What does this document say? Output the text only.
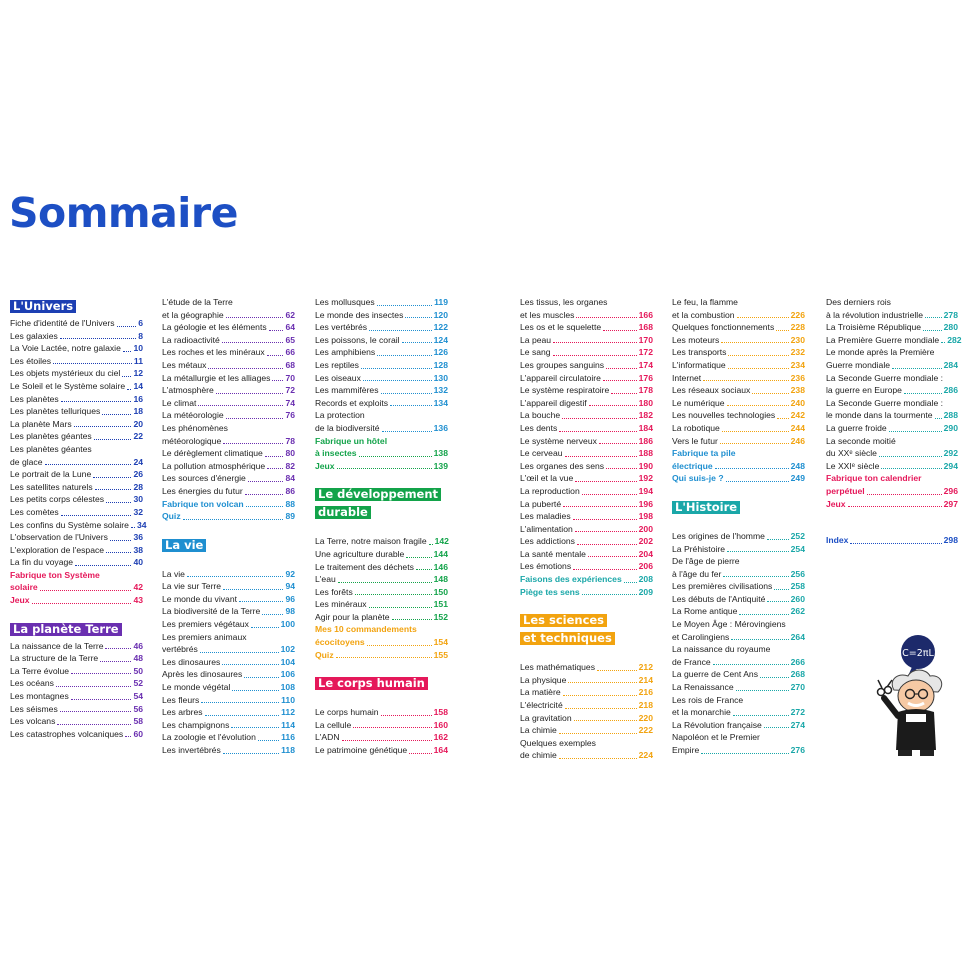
Sommaire
L'Univers
Fiche d'identité de l'Univers	6
Les galaxies	8
La Voie Lactée, notre galaxie 10
Les étoiles	11
Les objets mystérieux du ciel 12
Le Soleil et le Système solaire 14
Les planètes	16
Les planètes telluriques	18
La planète Mars	20
Les planètes géantes	22
Les planètes géantes
de glace	24
Le portrait de la Lune	26
Les satellites naturels	28
Les petits corps célestes	30
Les comètes	32
Les confins du Système solaire 34
L'observation de l'Univers	36
L'exploration de l'espace	38
La fin du voyage	40
Fabrique ton Système
solaire	42
Jeux	43
La planète Terre
La naissance de la Terre	46
La structure de la Terre	48
La Terre évolue	50
Les océans	52
Les montagnes	54
Les séismes	56
Les volcans	58
Les catastrophes volcaniques 60
L'étude de la Terre
et la géographie	62
La géologie et les éléments 64
La radioactivité	65
Les roches et les minéraux 66
Les métaux	68
La métallurgie et les alliages 70
L'atmosphère	72
Le climat	74
La météorologie	76
Les phénomènes
météorologique	78
Le dérèglement climatique	80
La pollution atmosphérique 82
Les sources d'énergie	84
Les énergies du futur	86
Fabrique ton volcan	88
Quiz	89
La vie
La vie	92
La vie sur Terre	94
Le monde du vivant	96
La biodiversité de la Terre	98
Les premiers végétaux	100
Les premiers animaux
vertébrés	102
Les dinosaures	104
Après les dinosaures	106
Le monde végétal	108
Les fleurs	110
Les arbres	112
Les champignons	114
La zoologie et l'évolution	116
Les invertébrés	118
Les mollusques	119
Le monde des insectes	120
Les vertébrés	122
Les poissons, le corail	124
Les amphibiens	126
Les reptiles	128
Les oiseaux	130
Les mammifères	132
Records et exploits	134
La protection
de la biodiversité	136
Fabrique un hôtel
à insectes	138
Jeux	139
Le développement
durable
La Terre, notre maison fragile 142
Une agriculture durable	144
Le traitement des déchets 146
L'eau	148
Les forêts	150
Les minéraux	151
Agir pour la planète	152
Mes 10 commandements
écocitoyens	154
Quiz	155
Le corps humain
Le corps humain	158
La cellule	160
L'ADN	162
Le patrimoine génétique	164
Les tissus, les organes
et les muscles	166
Les os et le squelette	168
La peau	170
Le sang	172
Les groupes sanguins	174
L'appareil circulatoire	176
Le système respiratoire	178
L'appareil digestif	180
La bouche	182
Les dents	184
Le système nerveux	186
Le cerveau	188
Les organes des sens	190
L'œil et la vue	192
La reproduction	194
La puberté	196
Les maladies	198
L'alimentation	200
Les addictions	202
La santé mentale	204
Les émotions	206
Faisons des expériences 208
Piège tes sens	209
Les sciences
et techniques
Les mathématiques	212
La physique	214
La matière	216
L'électricité	218
La gravitation	220
La chimie	222
Quelques exemples
de chimie	224
Le feu, la flamme
et la combustion	226
Quelques fonctionnements 228
Les moteurs	230
Les transports	232
L'informatique	234
Internet	236
Les réseaux sociaux	238
Le numérique	240
Les nouvelles technologies 242
La robotique	244
Vers le futur	246
Fabrique ta pile
électrique	248
Qui suis-je ?	249
L'Histoire
Les origines de l'homme	252
La Préhistoire	254
De l'âge de pierre
à l'âge du fer	256
Les premières civilisations 258
Les débuts de l'Antiquité	260
La Rome antique	262
Le Moyen Âge : Mérovingiens
et Carolingiens	264
La naissance du royaume
de France	266
La guerre de Cent Ans	268
La Renaissance	270
Les rois de France
et la monarchie	272
La Révolution française	274
Napoléon et le Premier
Empire	276
Des derniers rois
à la révolution industrielle 278
La Troisième République	280
La Première Guerre mondiale 282
Le monde après la Première
Guerre mondiale	284
La Seconde Guerre mondiale :
la guerre en Europe	286
La Seconde Guerre mondiale :
le monde dans la tourmente 288
La guerre froide	290
La seconde moitié
du XXᵉ siècle	292
Le XXIᵉ siècle	294
Fabrique ton calendrier
perpétuel	296
Jeux	297
Index	298
C=2πL
